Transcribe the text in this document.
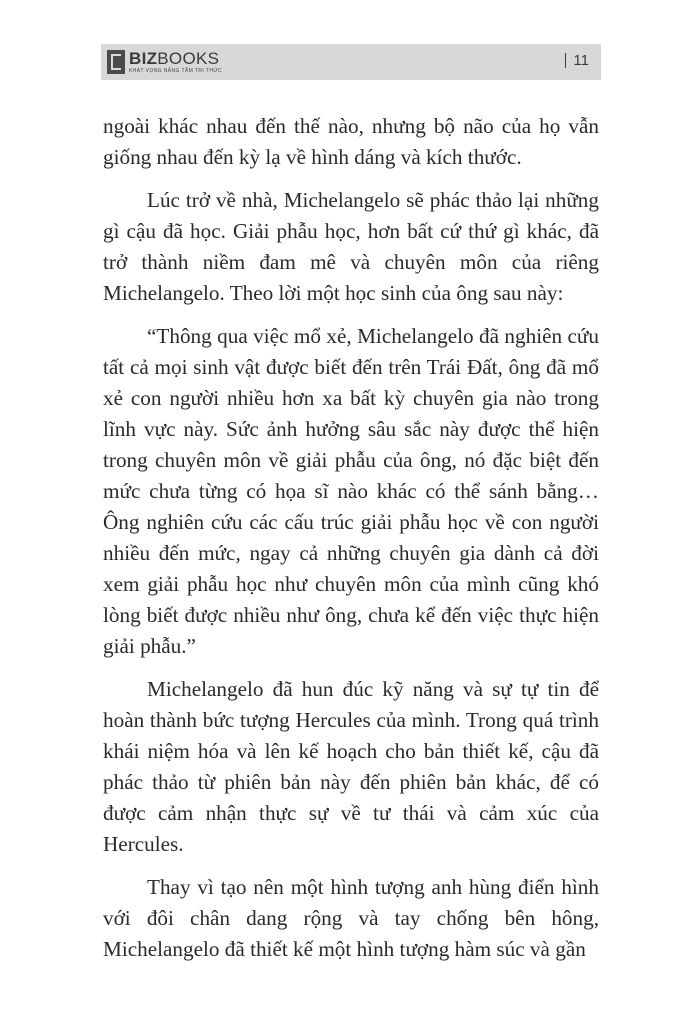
BIZBOOKS
KHÁT VỌNG NÂNG TẦM TRI THỨC
11

ngoài khác nhau đến thế nào, nhưng bộ não của họ vẫn giống nhau đến kỳ lạ về hình dáng và kích thước.

Lúc trở về nhà, Michelangelo sẽ phác thảo lại những gì cậu đã học. Giải phẫu học, hơn bất cứ thứ gì khác, đã trở thành niềm đam mê và chuyên môn của riêng Michelangelo. Theo lời một học sinh của ông sau này:

“Thông qua việc mổ xẻ, Michelangelo đã nghiên cứu tất cả mọi sinh vật được biết đến trên Trái Đất, ông đã mổ xẻ con người nhiều hơn xa bất kỳ chuyên gia nào trong lĩnh vực này. Sức ảnh hưởng sâu sắc này được thể hiện trong chuyên môn về giải phẫu của ông, nó đặc biệt đến mức chưa từng có họa sĩ nào khác có thể sánh bằng… Ông nghiên cứu các cấu trúc giải phẫu học về con người nhiều đến mức, ngay cả những chuyên gia dành cả đời xem giải phẫu học như chuyên môn của mình cũng khó lòng biết được nhiều như ông, chưa kể đến việc thực hiện giải phẫu.”

Michelangelo đã hun đúc kỹ năng và sự tự tin để hoàn thành bức tượng Hercules của mình. Trong quá trình khái niệm hóa và lên kế hoạch cho bản thiết kế, cậu đã phác thảo từ phiên bản này đến phiên bản khác, để có được cảm nhận thực sự về tư thái và cảm xúc của Hercules.

Thay vì tạo nên một hình tượng anh hùng điển hình với đôi chân dang rộng và tay chống bên hông, Michelangelo đã thiết kế một hình tượng hàm súc và gần
